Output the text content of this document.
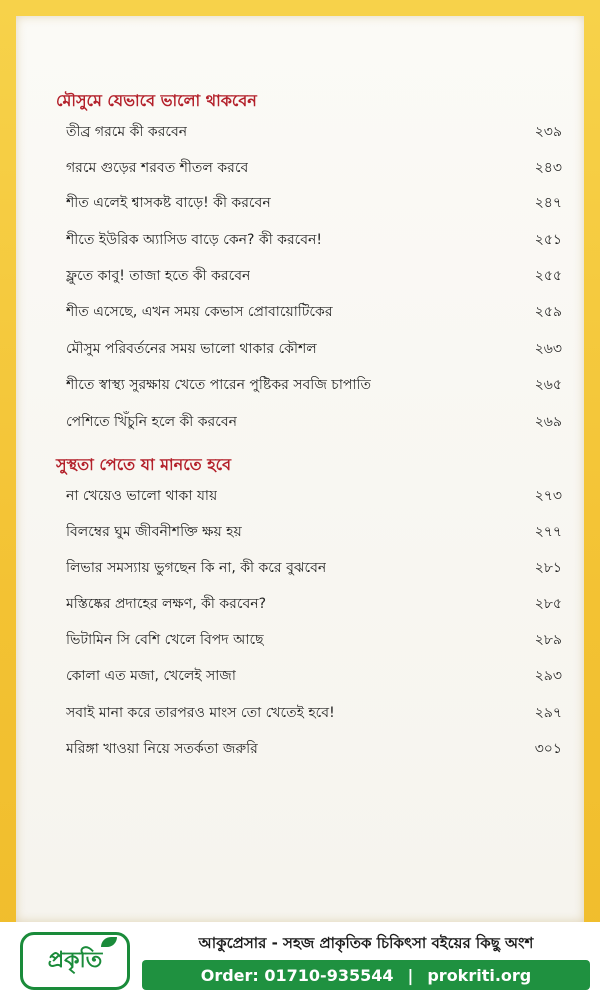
মৌসুমে যেভাবে ভালো থাকবেন
তীব্র গরমে কী করবেন	২৩৯
গরমে গুড়ের শরবত শীতল করবে	২৪৩
শীত এলেই শ্বাসকষ্ট বাড়ে! কী করবেন	২৪৭
শীতে ইউরিক অ্যাসিড বাড়ে কেন? কী করবেন!	২৫১
ফ্লুতে কাবু! তাজা হতে কী করবেন	২৫৫
শীত এসেছে, এখন সময় কেভাস প্রোবায়োটিকের	২৫৯
মৌসুম পরিবর্তনের সময় ভালো থাকার কৌশল	২৬৩
শীতে স্বাস্থ্য সুরক্ষায় খেতে পারেন পুষ্টিকর সবজি চাপাতি	২৬৫
পেশিতে খিঁচুনি হলে কী করবেন	২৬৯
সুস্থতা পেতে যা মানতে হবে
না খেয়েও ভালো থাকা যায়	২৭৩
বিলম্বের ঘুম জীবনীশক্তি ক্ষয় হয়	২৭৭
লিভার সমস্যায় ভুগছেন কি না, কী করে বুঝবেন	২৮১
মস্তিষ্কের প্রদাহের লক্ষণ, কী করবেন?	২৮৫
ভিটামিন সি বেশি খেলে বিপদ আছে	২৮৯
কোলা এত মজা, খেলেই সাজা	২৯৩
সবাই মানা করে তারপরও মাংস তো খেতেই হবে!	২৯৭
মরিঙ্গা খাওয়া নিয়ে সতর্কতা জরুরি	৩০১
প্রকৃতি
আকুপ্রেসার - সহজ প্রাকৃতিক চিকিৎসা বইয়ের কিছু অংশ
Order: 01710-935544 | prokriti.org
